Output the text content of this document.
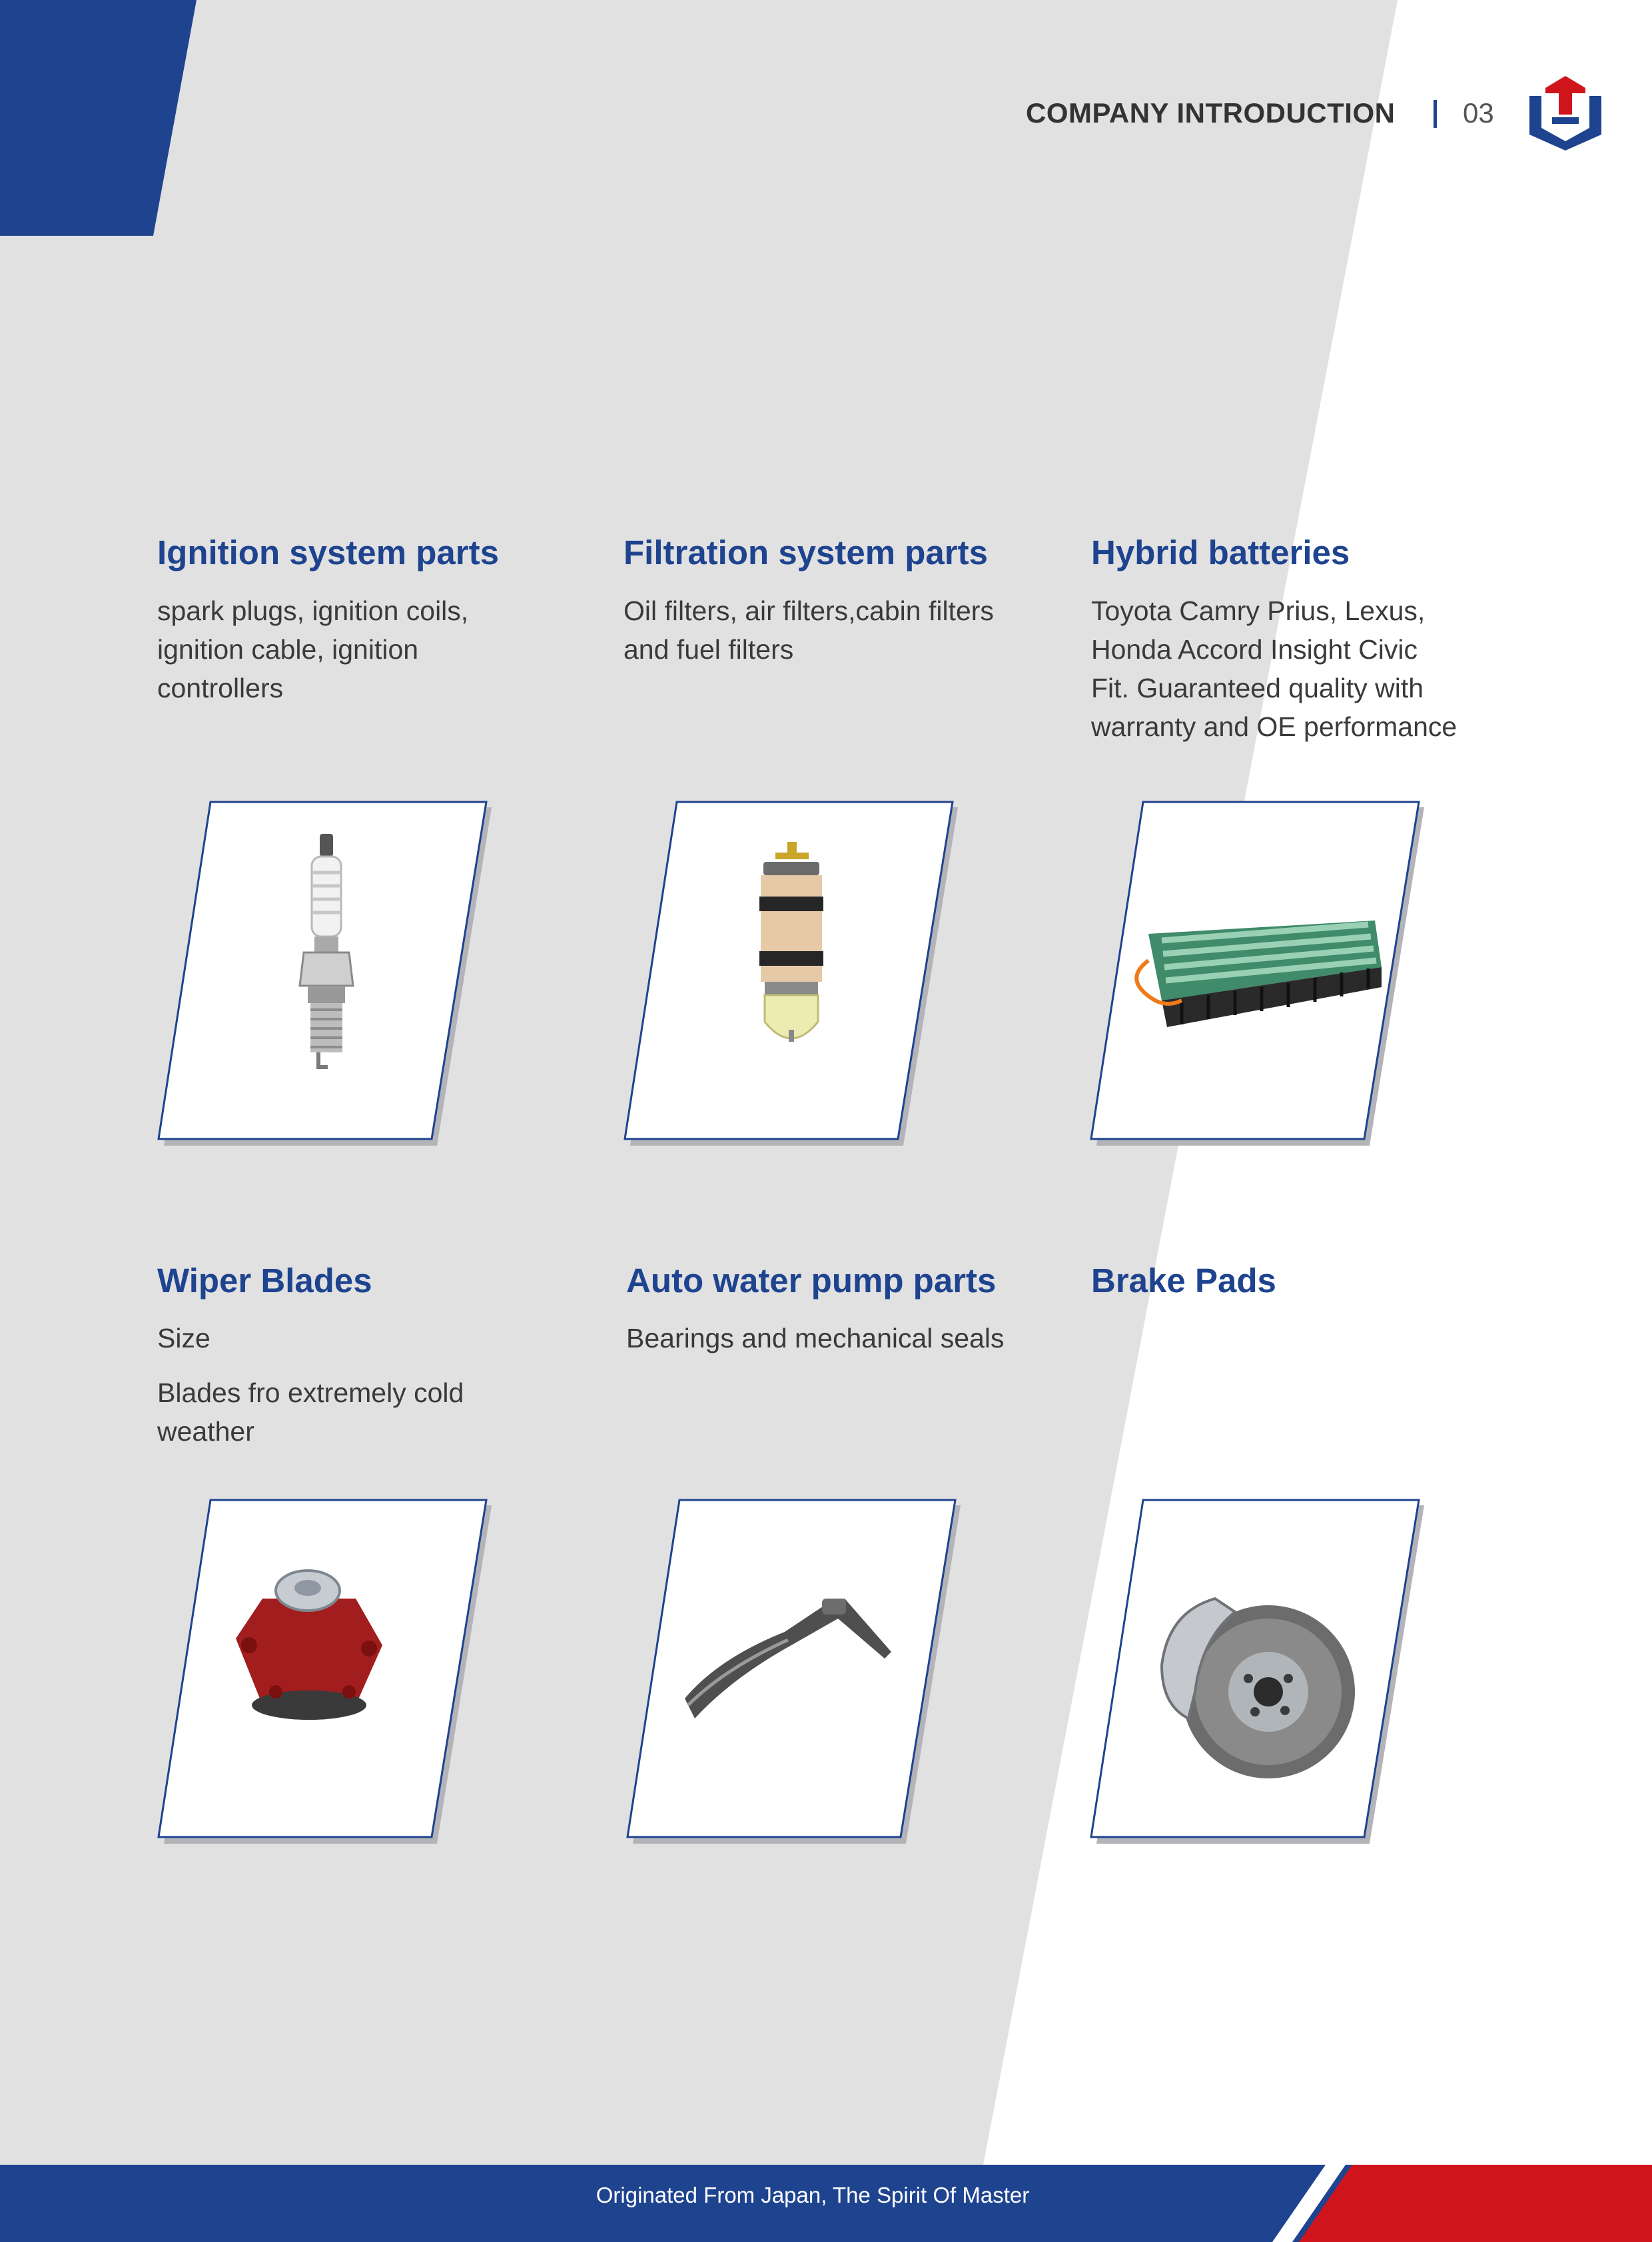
COMPANY INTRODUCTION 03
Ignition system parts

spark plugs, ignition coils,

ignition cable, ignition

controllers

Filtration system parts

Oil filters, air filters,cabin filters

and fuel filters

Hybrid batteries

Toyota Camry Prius, Lexus,

Honda Accord Insight Civic

Fit. Guaranteed quality with

warranty and OE performance

Wiper Blades

Size

Blades fro extremely cold

weather

Auto water pump parts

Bearings and mechanical seals

Brake Pads
Originated From Japan, The Spirit Of Master
